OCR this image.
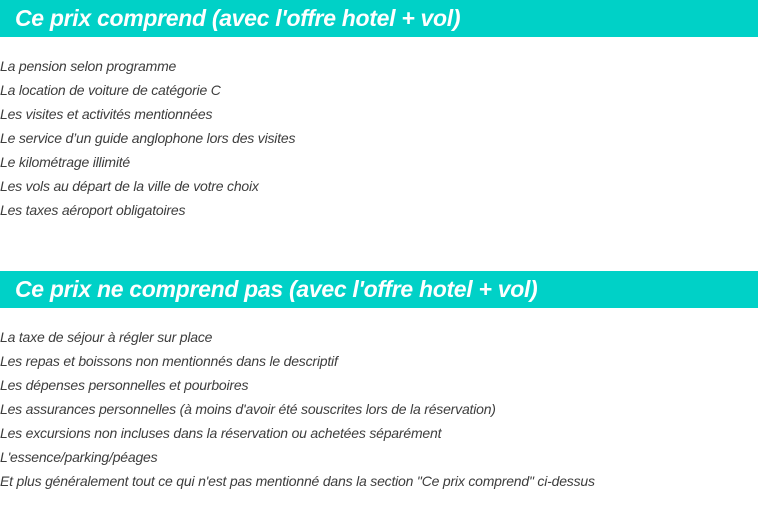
Ce prix comprend (avec l'offre hotel + vol)
La pension selon programme
La location de voiture de catégorie C
Les visites et activités mentionnées
Le service d’un guide anglophone lors des visites
Le kilométrage illimité
Les vols au départ de la ville de votre choix
Les taxes aéroport obligatoires
Ce prix ne comprend pas (avec l'offre hotel + vol)
La taxe de séjour à régler sur place
Les repas et boissons non mentionnés dans le descriptif
Les dépenses personnelles et pourboires
Les assurances personnelles (à moins d'avoir été souscrites lors de la réservation)
Les excursions non incluses dans la réservation ou achetées séparément
L'essence/parking/péages
Et plus généralement tout ce qui n'est pas mentionné dans la section "Ce prix comprend" ci-dessus
